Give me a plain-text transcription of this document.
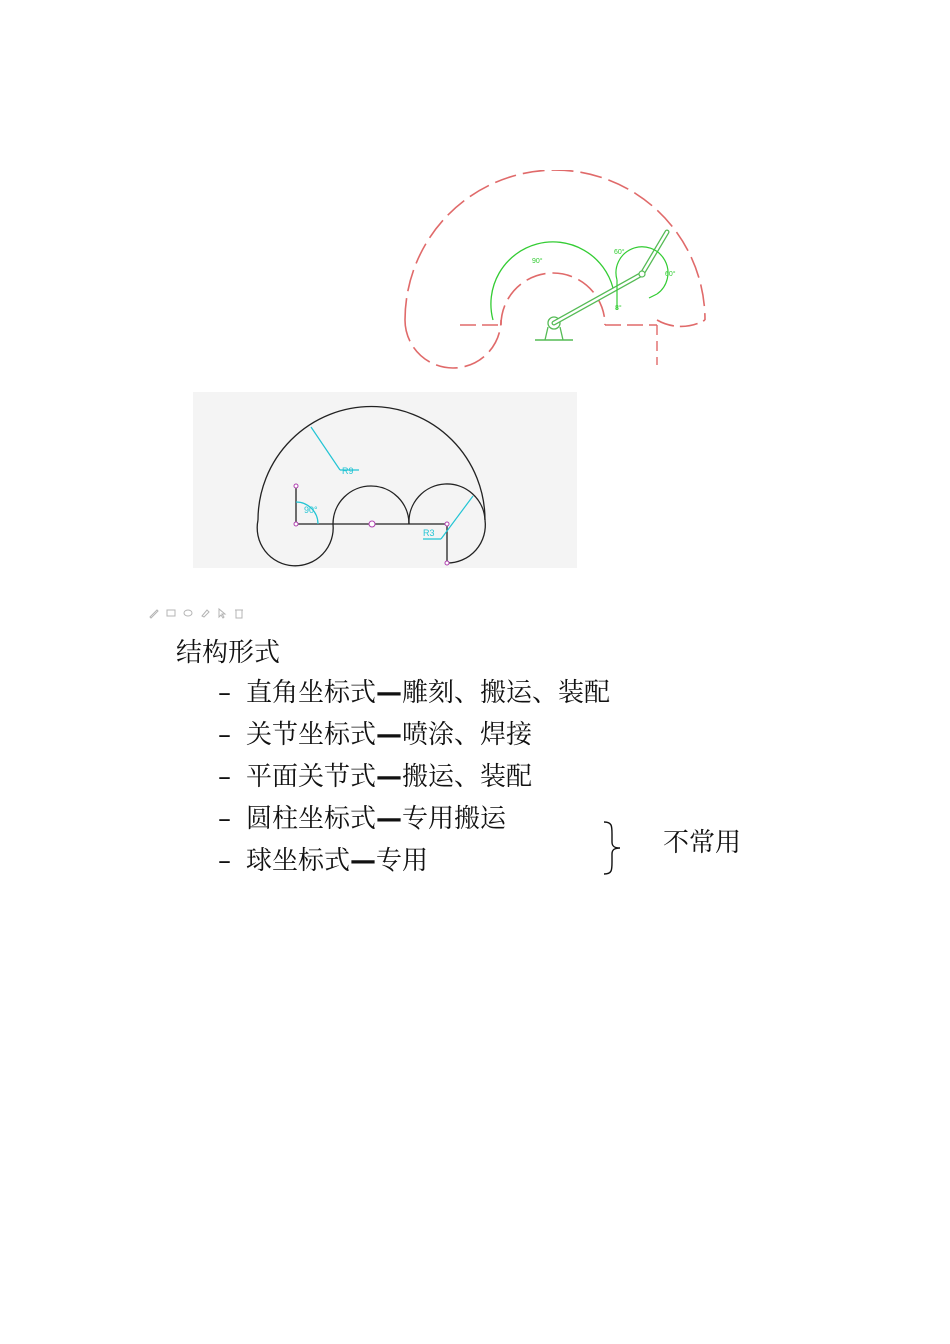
90°
60°
60°
8°
R9
90°
R3
结构形式
– 直角坐标式—雕刻、搬运、装配
– 关节坐标式—喷涂、焊接
– 平面关节式—搬运、装配
– 圆柱坐标式—专用搬运
– 球坐标式—专用
不常用
